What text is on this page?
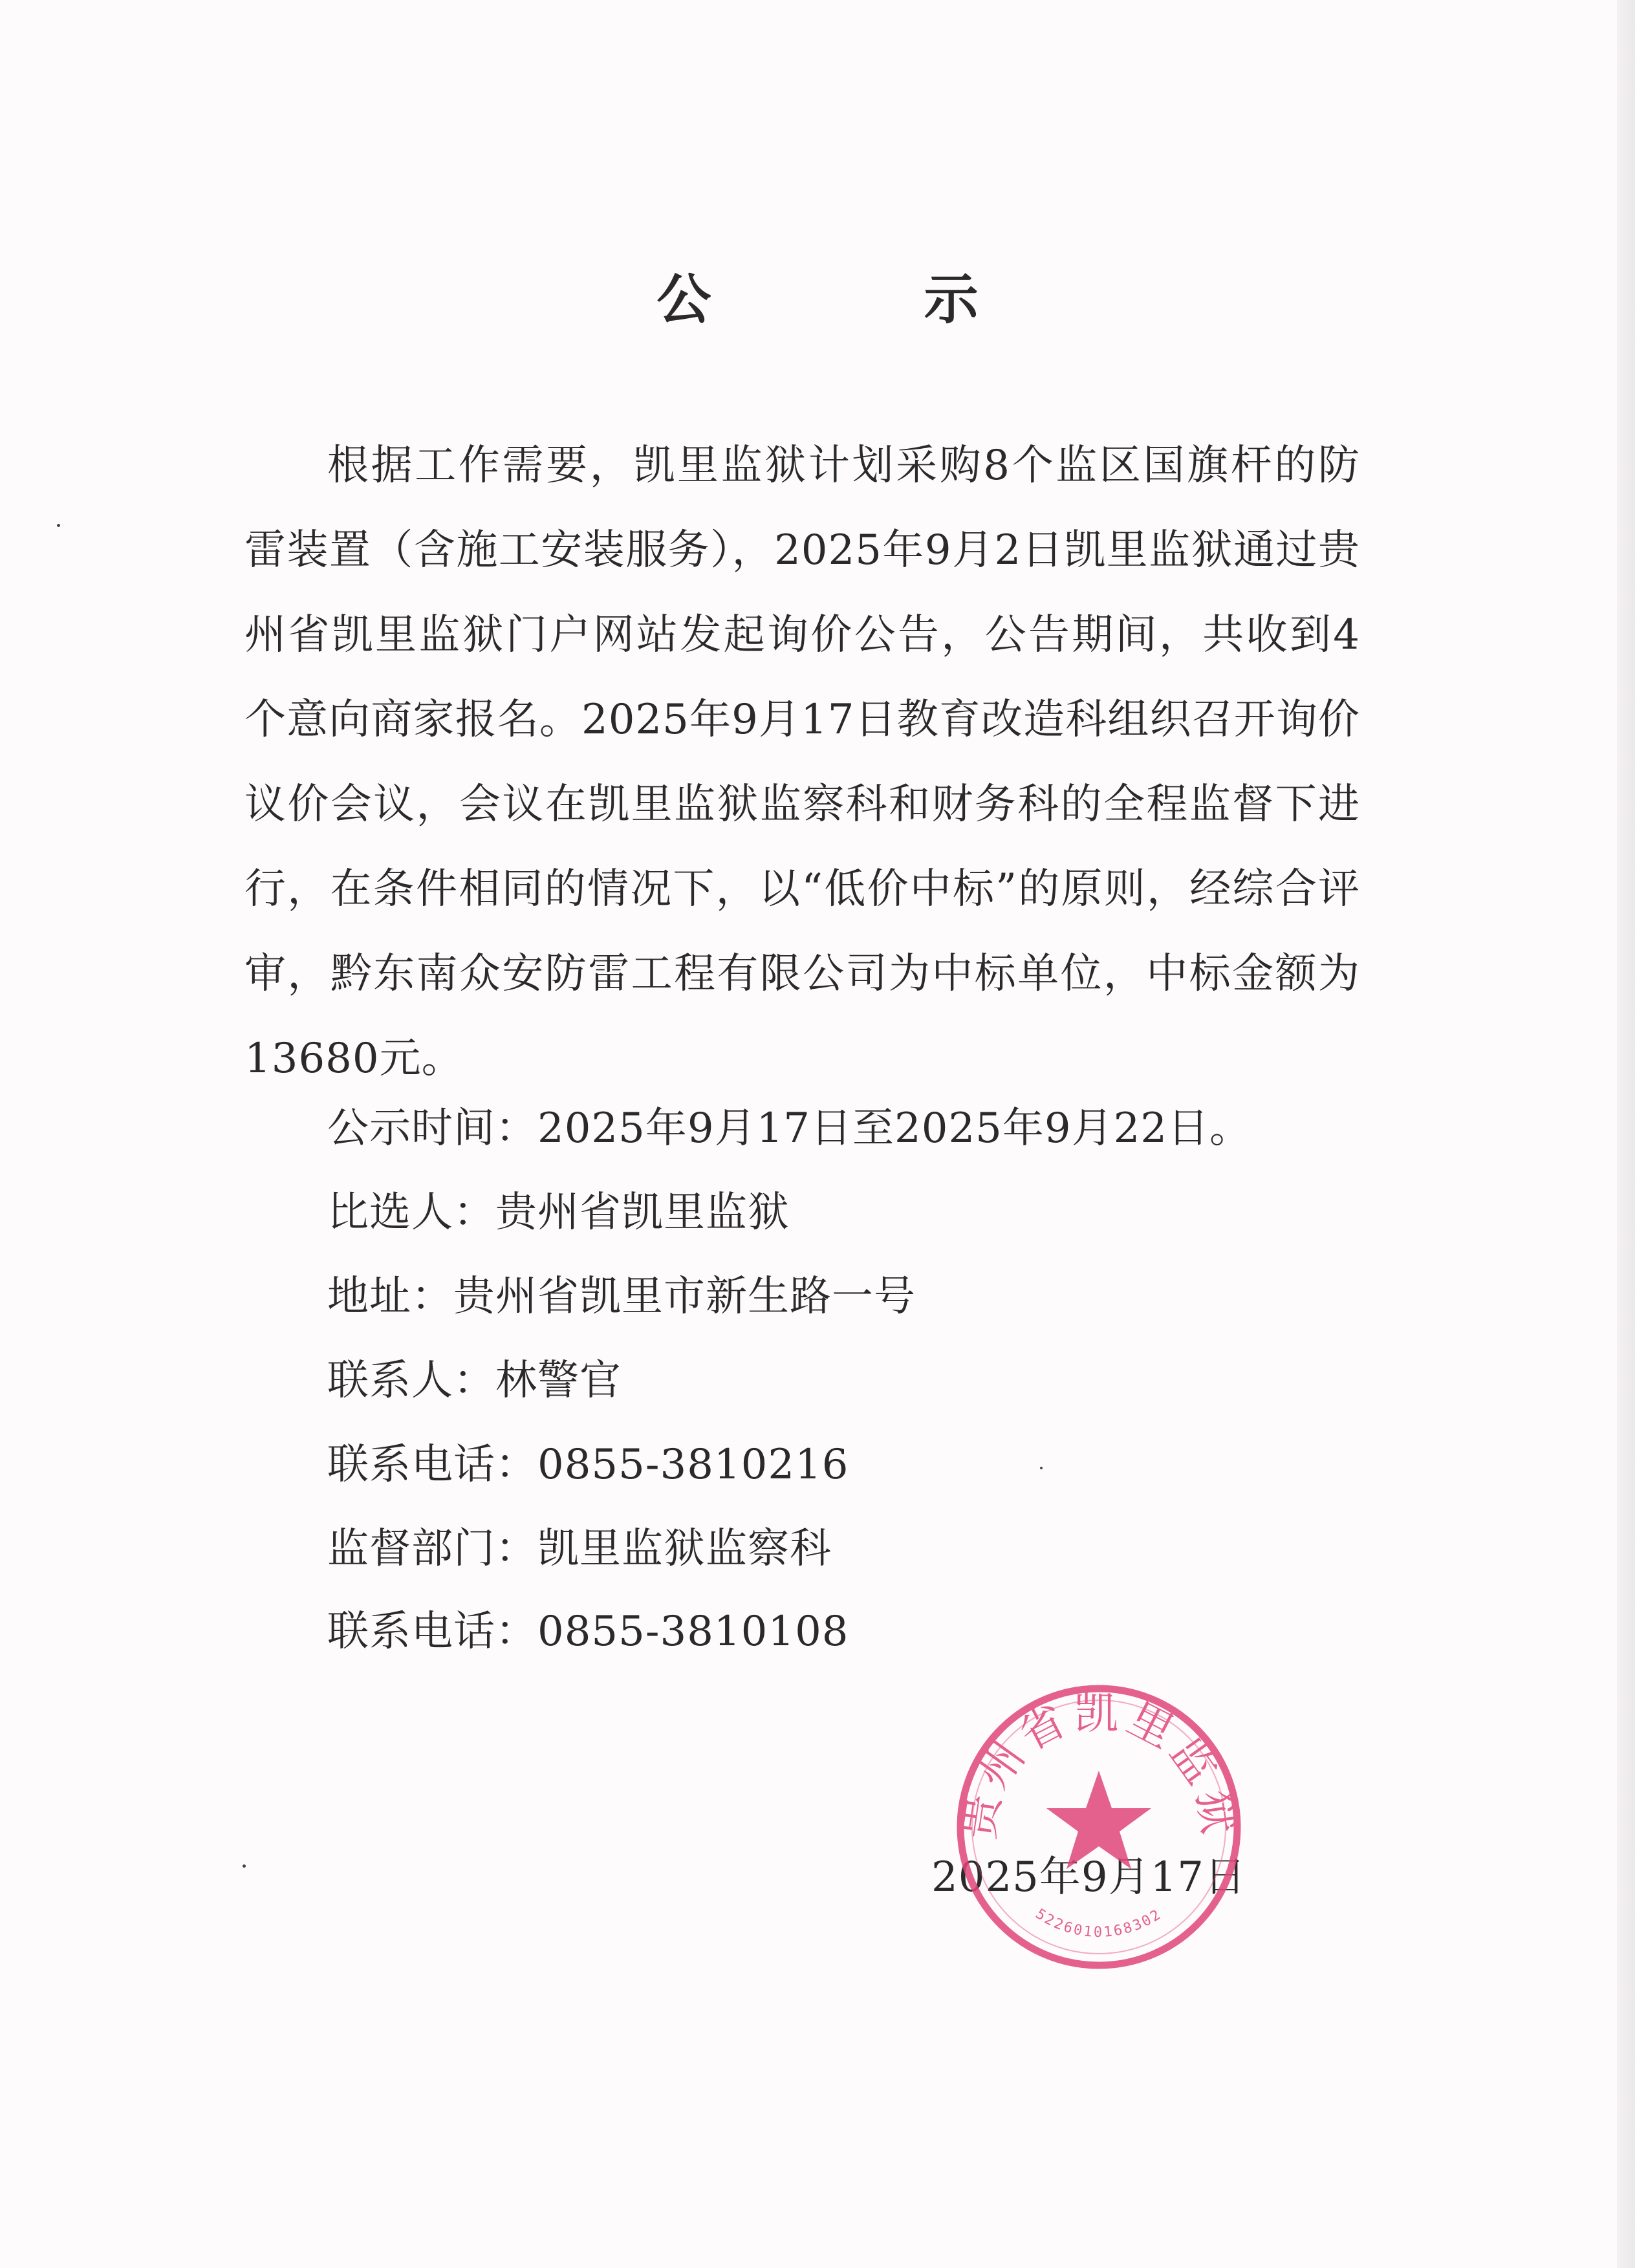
公 示

根据工作需要，凯里监狱计划采购8个监区国旗杆的防雷装置（含施工安装服务），2025年9月2日凯里监狱通过贵州省凯里监狱门户网站发起询价公告，公告期间，共收到4个意向商家报名。2025年9月17日教育改造科组织召开询价议价会议，会议在凯里监狱监察科和财务科的全程监督下进行，在条件相同的情况下，以“低价中标”的原则，经综合评审，黔东南众安防雷工程有限公司为中标单位，中标金额为13680元。

公示时间：2025年9月17日至2025年9月22日。
比选人：贵州省凯里监狱
地址：贵州省凯里市新生路一号
联系人：林警官
联系电话：0855-3810216
监督部门：凯里监狱监察科
联系电话：0855-3810108
2025年9月17日
贵州省凯里监狱
5226010168302
